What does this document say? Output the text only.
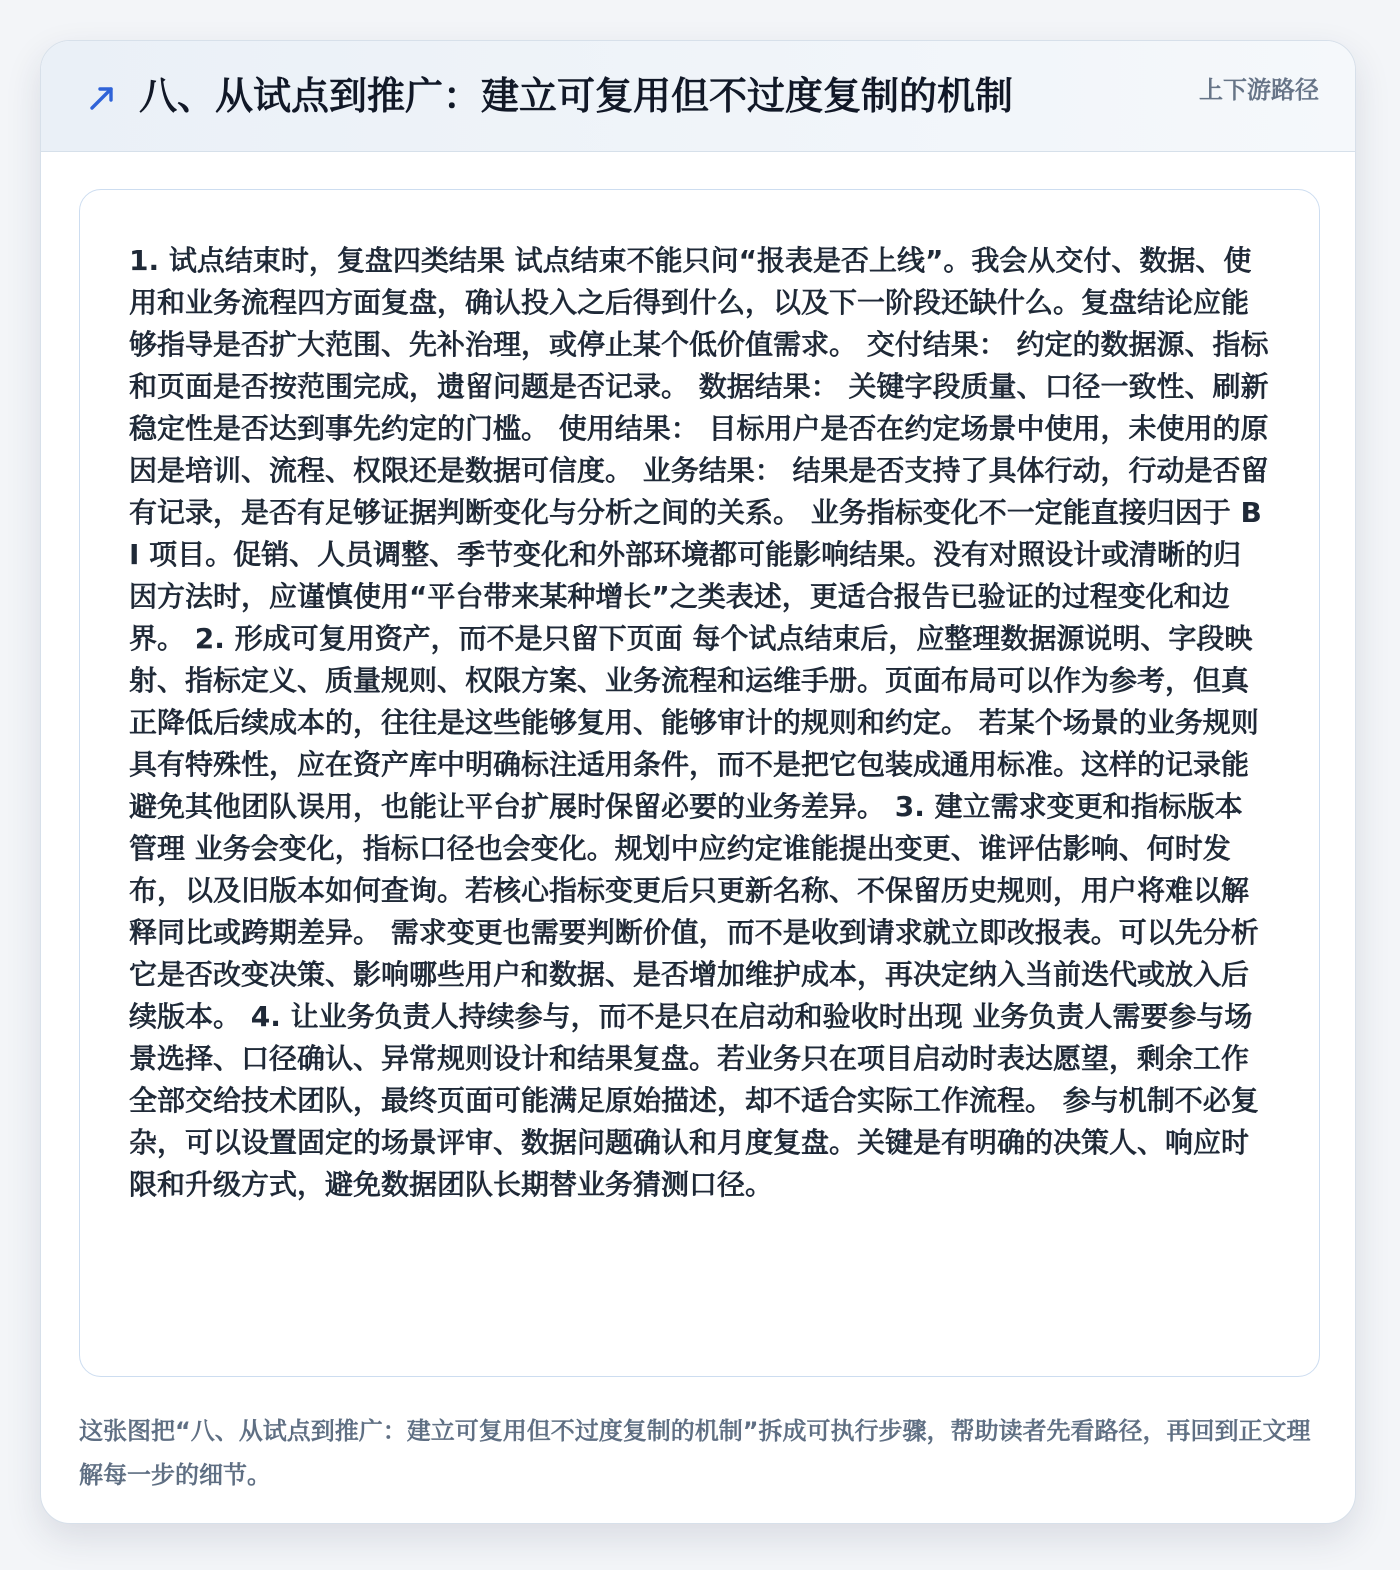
八、从试点到推广：建立可复用但不过度复制的机制	上下游路径

1. 试点结束时，复盘四类结果 试点结束不能只问“报表是否上线”。我会从交付、数据、使用和业务流程四方面复盘，确认投入之后得到什么，以及下一阶段还缺什么。复盘结论应能够指导是否扩大范围、先补治理，或停止某个低价值需求。 交付结果： 约定的数据源、指标和页面是否按范围完成，遗留问题是否记录。 数据结果： 关键字段质量、口径一致性、刷新稳定性是否达到事先约定的门槛。 使用结果： 目标用户是否在约定场景中使用，未使用的原因是培训、流程、权限还是数据可信度。 业务结果： 结果是否支持了具体行动，行动是否留有记录，是否有足够证据判断变化与分析之间的关系。 业务指标变化不一定能直接归因于 BI 项目。促销、人员调整、季节变化和外部环境都可能影响结果。没有对照设计或清晰的归因方法时，应谨慎使用“平台带来某种增长”之类表述，更适合报告已验证的过程变化和边界。 2. 形成可复用资产，而不是只留下页面 每个试点结束后，应整理数据源说明、字段映射、指标定义、质量规则、权限方案、业务流程和运维手册。页面布局可以作为参考，但真正降低后续成本的，往往是这些能够复用、能够审计的规则和约定。 若某个场景的业务规则具有特殊性，应在资产库中明确标注适用条件，而不是把它包装成通用标准。这样的记录能避免其他团队误用，也能让平台扩展时保留必要的业务差异。 3. 建立需求变更和指标版本管理 业务会变化，指标口径也会变化。规划中应约定谁能提出变更、谁评估影响、何时发布，以及旧版本如何查询。若核心指标变更后只更新名称、不保留历史规则，用户将难以解释同比或跨期差异。 需求变更也需要判断价值，而不是收到请求就立即改报表。可以先分析它是否改变决策、影响哪些用户和数据、是否增加维护成本，再决定纳入当前迭代或放入后续版本。 4. 让业务负责人持续参与，而不是只在启动和验收时出现 业务负责人需要参与场景选择、口径确认、异常规则设计和结果复盘。若业务只在项目启动时表达愿望，剩余工作全部交给技术团队，最终页面可能满足原始描述，却不适合实际工作流程。 参与机制不必复杂，可以设置固定的场景评审、数据问题确认和月度复盘。关键是有明确的决策人、响应时限和升级方式，避免数据团队长期替业务猜测口径。

这张图把“八、从试点到推广：建立可复用但不过度复制的机制”拆成可执行步骤，帮助读者先看路径，再回到正文理解每一步的细节。
